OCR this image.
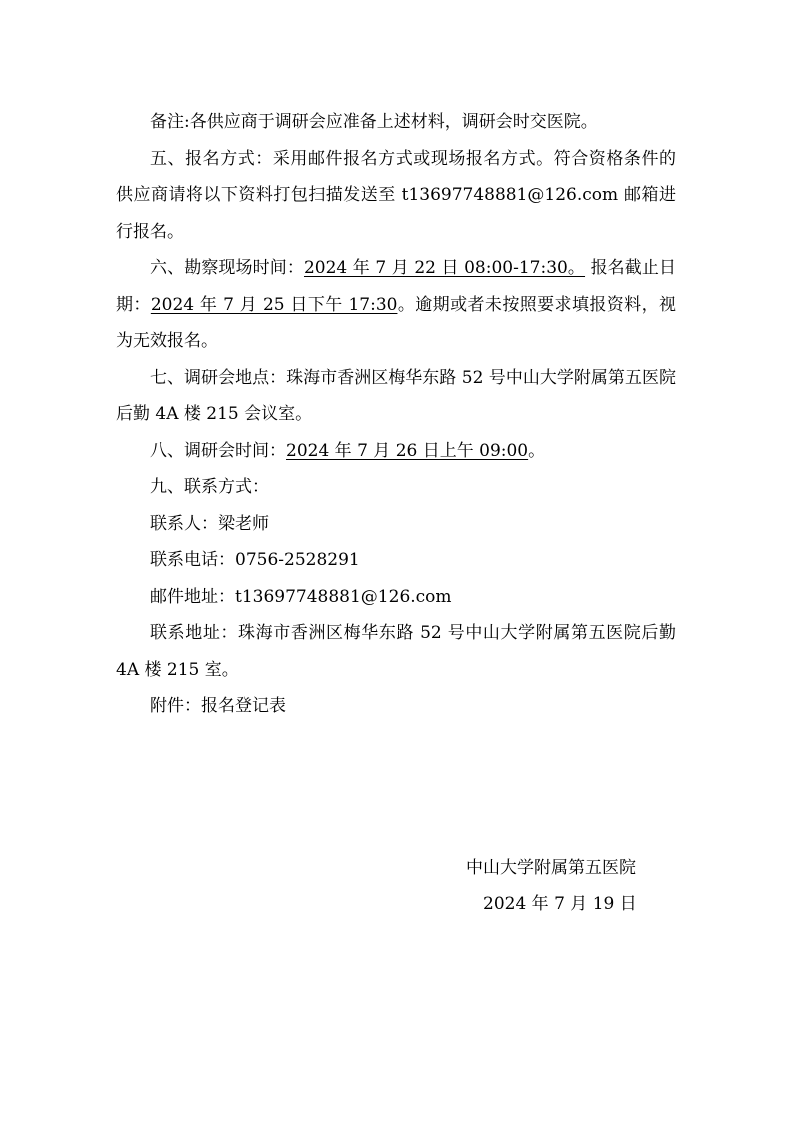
备注:各供应商于调研会应准备上述材料，调研会时交医院。

五、报名方式：采用邮件报名方式或现场报名方式。符合资格条件的供应商请将以下资料打包扫描发送至 t13697748881@126.com 邮箱进行报名。

六、勘察现场时间：2024 年 7 月 22 日 08:00-17:30。 报名截止日期：2024 年 7 月 25 日下午 17:30。逾期或者未按照要求填报资料，视为无效报名。

七、调研会地点：珠海市香洲区梅华东路 52 号中山大学附属第五医院后勤 4A 楼 215 会议室。

八、调研会时间：2024 年 7 月 26 日上午 09:00。

九、联系方式：

联系人：梁老师

联系电话：0756-2528291

邮件地址：t13697748881@126.com

联系地址：珠海市香洲区梅华东路 52 号中山大学附属第五医院后勤 4A 楼 215 室。

附件：报名登记表

中山大学附属第五医院
2024 年 7 月 19 日
